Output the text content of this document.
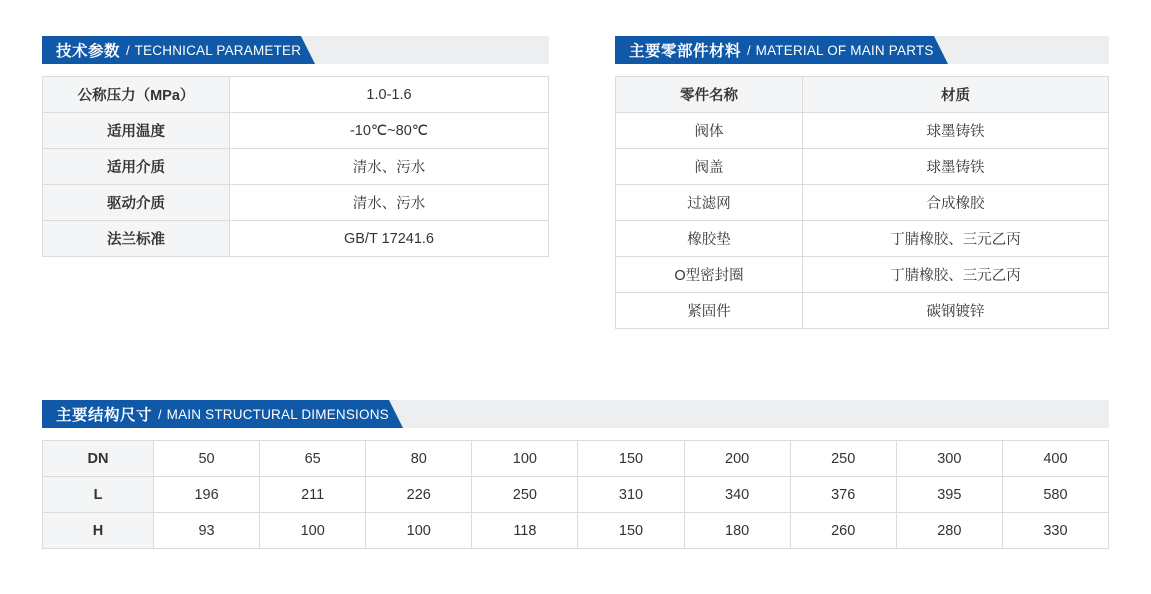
技术参数 / TECHNICAL PARAMETER
公称压力（MPa）	1.0-1.6
适用温度	-10℃~80℃
适用介质	清水、污水
驱动介质	清水、污水
法兰标准	GB/T 17241.6
主要零部件材料 / MATERIAL OF MAIN PARTS
零件名称	材质
阀体	球墨铸铁
阀盖	球墨铸铁
过滤网	合成橡胶
橡胶垫	丁腈橡胶、三元乙丙
O型密封圈	丁腈橡胶、三元乙丙
紧固件	碳钢镀锌
主要结构尺寸 / MAIN STRUCTURAL DIMENSIONS
DN	50	65	80	100	150	200	250	300	400
L	196	211	226	250	310	340	376	395	580
H	93	100	100	118	150	180	260	280	330
